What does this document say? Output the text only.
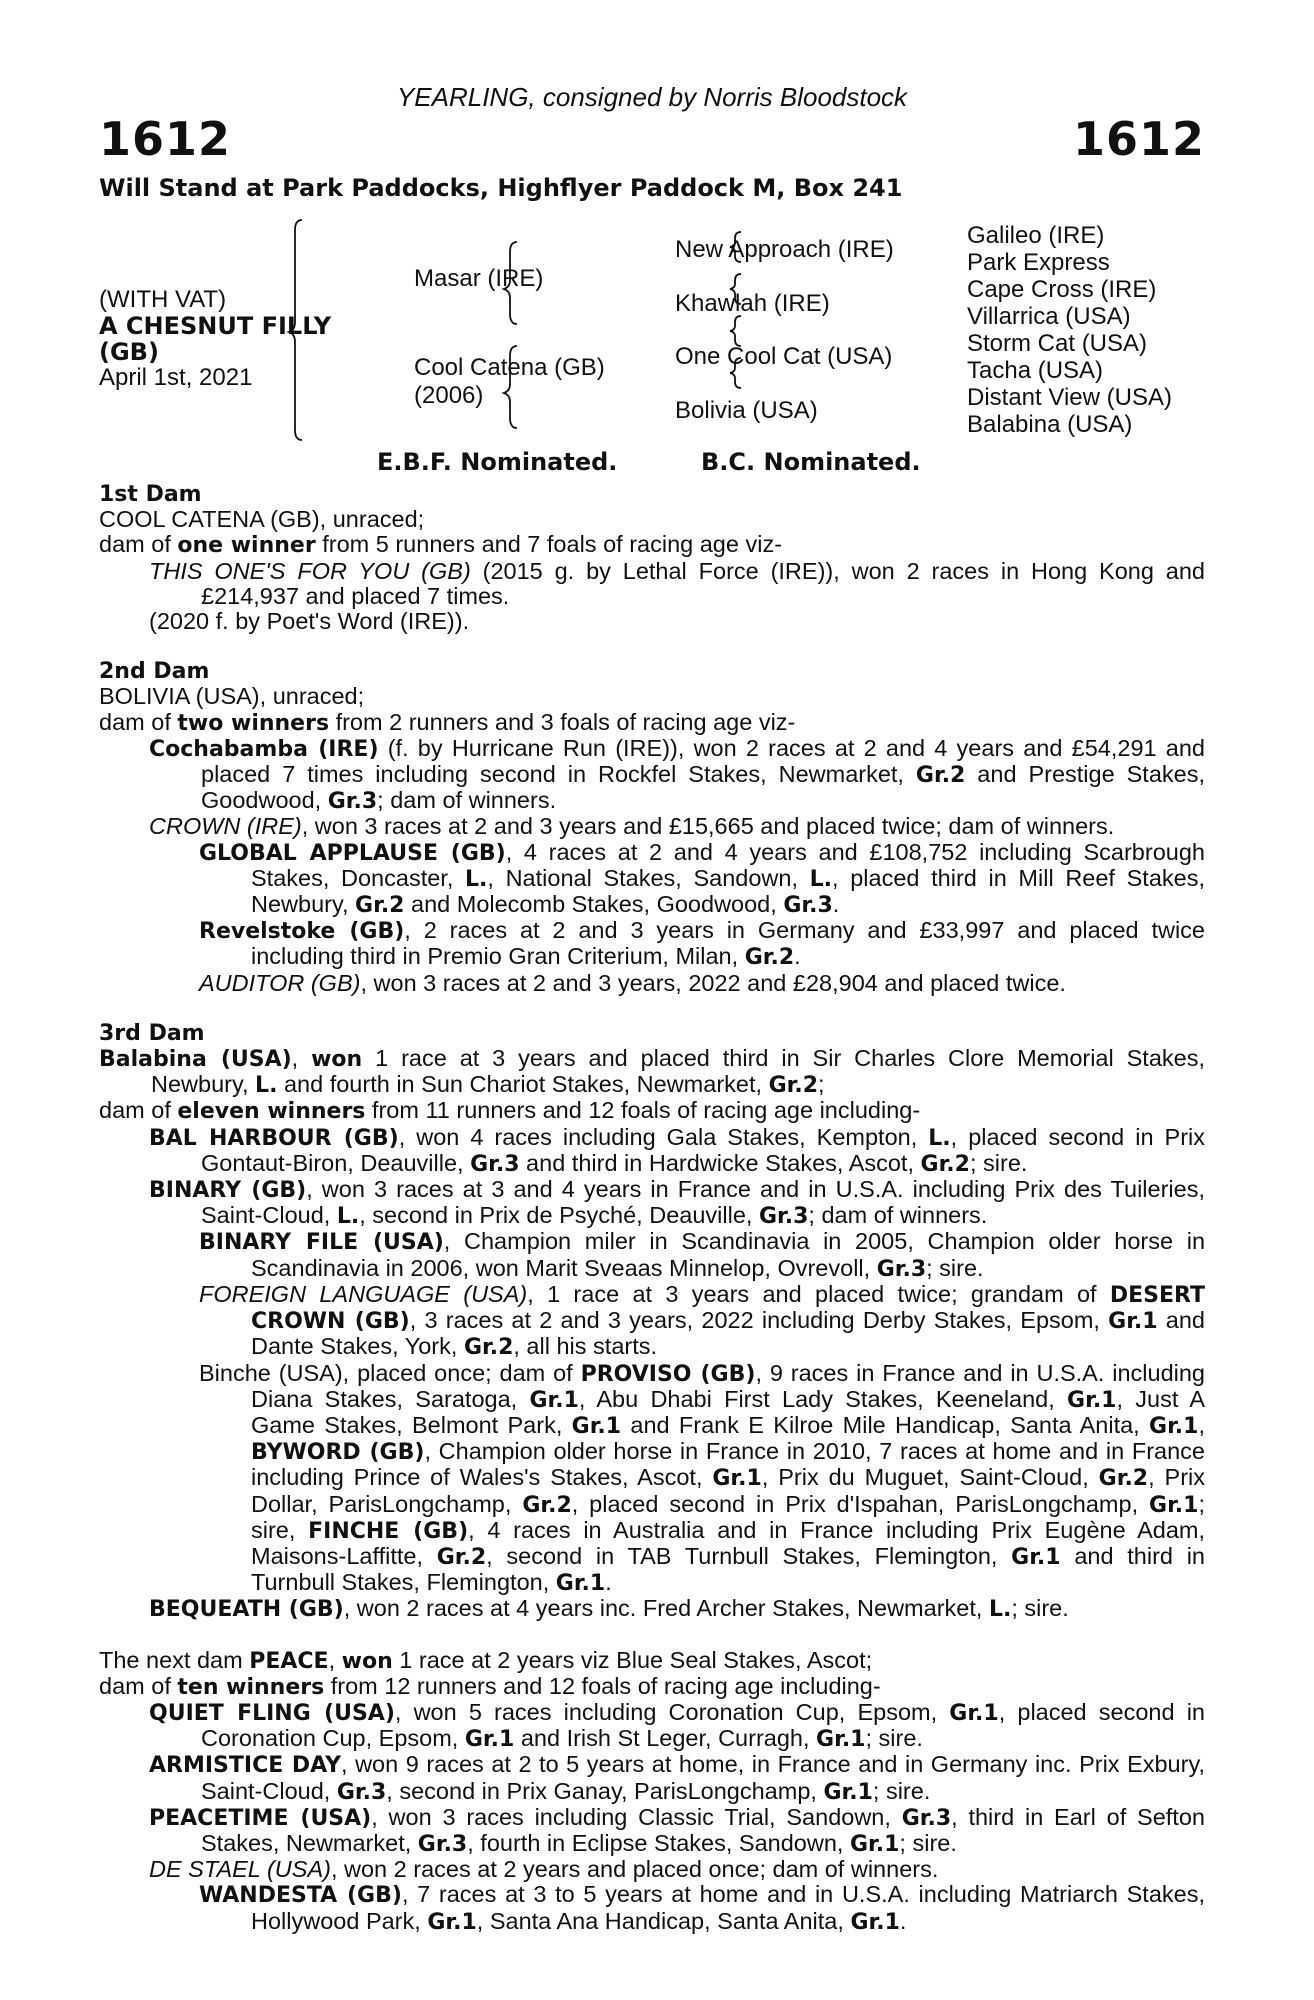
YEARLING, consigned by Norris Bloodstock
1612	1612
Will Stand at Park Paddocks, Highflyer Paddock M, Box 241
(WITH VAT)
A CHESNUT FILLY
(GB)
April 1st, 2021
Masar (IRE)
Cool Catena (GB)
(2006)
New Approach (IRE)
Khawlah (IRE)
One Cool Cat (USA)
Bolivia (USA)
Galileo (IRE)
Park Express
Cape Cross (IRE)
Villarrica (USA)
Storm Cat (USA)
Tacha (USA)
Distant View (USA)
Balabina (USA)
E.B.F. Nominated.	B.C. Nominated.
1st Dam
COOL CATENA (GB), unraced;
dam of one winner from 5 runners and 7 foals of racing age viz-
THIS ONE'S FOR YOU (GB) (2015 g. by Lethal Force (IRE)), won 2 races in Hong Kong and £214,937 and placed 7 times.
(2020 f. by Poet's Word (IRE)).
2nd Dam
BOLIVIA (USA), unraced;
dam of two winners from 2 runners and 3 foals of racing age viz-
Cochabamba (IRE) (f. by Hurricane Run (IRE)), won 2 races at 2 and 4 years and £54,291 and placed 7 times including second in Rockfel Stakes, Newmarket, Gr.2 and Prestige Stakes, Goodwood, Gr.3; dam of winners.
CROWN (IRE), won 3 races at 2 and 3 years and £15,665 and placed twice; dam of winners.
GLOBAL APPLAUSE (GB), 4 races at 2 and 4 years and £108,752 including Scarbrough Stakes, Doncaster, L., National Stakes, Sandown, L., placed third in Mill Reef Stakes, Newbury, Gr.2 and Molecomb Stakes, Goodwood, Gr.3.
Revelstoke (GB), 2 races at 2 and 3 years in Germany and £33,997 and placed twice including third in Premio Gran Criterium, Milan, Gr.2.
AUDITOR (GB), won 3 races at 2 and 3 years, 2022 and £28,904 and placed twice.
3rd Dam
Balabina (USA), won 1 race at 3 years and placed third in Sir Charles Clore Memorial Stakes, Newbury, L. and fourth in Sun Chariot Stakes, Newmarket, Gr.2;
dam of eleven winners from 11 runners and 12 foals of racing age including-
BAL HARBOUR (GB), won 4 races including Gala Stakes, Kempton, L., placed second in Prix Gontaut-Biron, Deauville, Gr.3 and third in Hardwicke Stakes, Ascot, Gr.2; sire.
BINARY (GB), won 3 races at 3 and 4 years in France and in U.S.A. including Prix des Tuileries, Saint-Cloud, L., second in Prix de Psyché, Deauville, Gr.3; dam of winners.
BINARY FILE (USA), Champion miler in Scandinavia in 2005, Champion older horse in Scandinavia in 2006, won Marit Sveaas Minnelop, Ovrevoll, Gr.3; sire.
FOREIGN LANGUAGE (USA), 1 race at 3 years and placed twice; grandam of DESERT CROWN (GB), 3 races at 2 and 3 years, 2022 including Derby Stakes, Epsom, Gr.1 and Dante Stakes, York, Gr.2, all his starts.
Binche (USA), placed once; dam of PROVISO (GB), 9 races in France and in U.S.A. including Diana Stakes, Saratoga, Gr.1, Abu Dhabi First Lady Stakes, Keeneland, Gr.1, Just A Game Stakes, Belmont Park, Gr.1 and Frank E Kilroe Mile Handicap, Santa Anita, Gr.1, BYWORD (GB), Champion older horse in France in 2010, 7 races at home and in France including Prince of Wales's Stakes, Ascot, Gr.1, Prix du Muguet, Saint-Cloud, Gr.2, Prix Dollar, ParisLongchamp, Gr.2, placed second in Prix d'Ispahan, ParisLongchamp, Gr.1; sire, FINCHE (GB), 4 races in Australia and in France including Prix Eugène Adam, Maisons-Laffitte, Gr.2, second in TAB Turnbull Stakes, Flemington, Gr.1 and third in Turnbull Stakes, Flemington, Gr.1.
BEQUEATH (GB), won 2 races at 4 years inc. Fred Archer Stakes, Newmarket, L.; sire.
The next dam PEACE, won 1 race at 2 years viz Blue Seal Stakes, Ascot;
dam of ten winners from 12 runners and 12 foals of racing age including-
QUIET FLING (USA), won 5 races including Coronation Cup, Epsom, Gr.1, placed second in Coronation Cup, Epsom, Gr.1 and Irish St Leger, Curragh, Gr.1; sire.
ARMISTICE DAY, won 9 races at 2 to 5 years at home, in France and in Germany inc. Prix Exbury, Saint-Cloud, Gr.3, second in Prix Ganay, ParisLongchamp, Gr.1; sire.
PEACETIME (USA), won 3 races including Classic Trial, Sandown, Gr.3, third in Earl of Sefton Stakes, Newmarket, Gr.3, fourth in Eclipse Stakes, Sandown, Gr.1; sire.
DE STAEL (USA), won 2 races at 2 years and placed once; dam of winners.
WANDESTA (GB), 7 races at 3 to 5 years at home and in U.S.A. including Matriarch Stakes, Hollywood Park, Gr.1, Santa Ana Handicap, Santa Anita, Gr.1.
